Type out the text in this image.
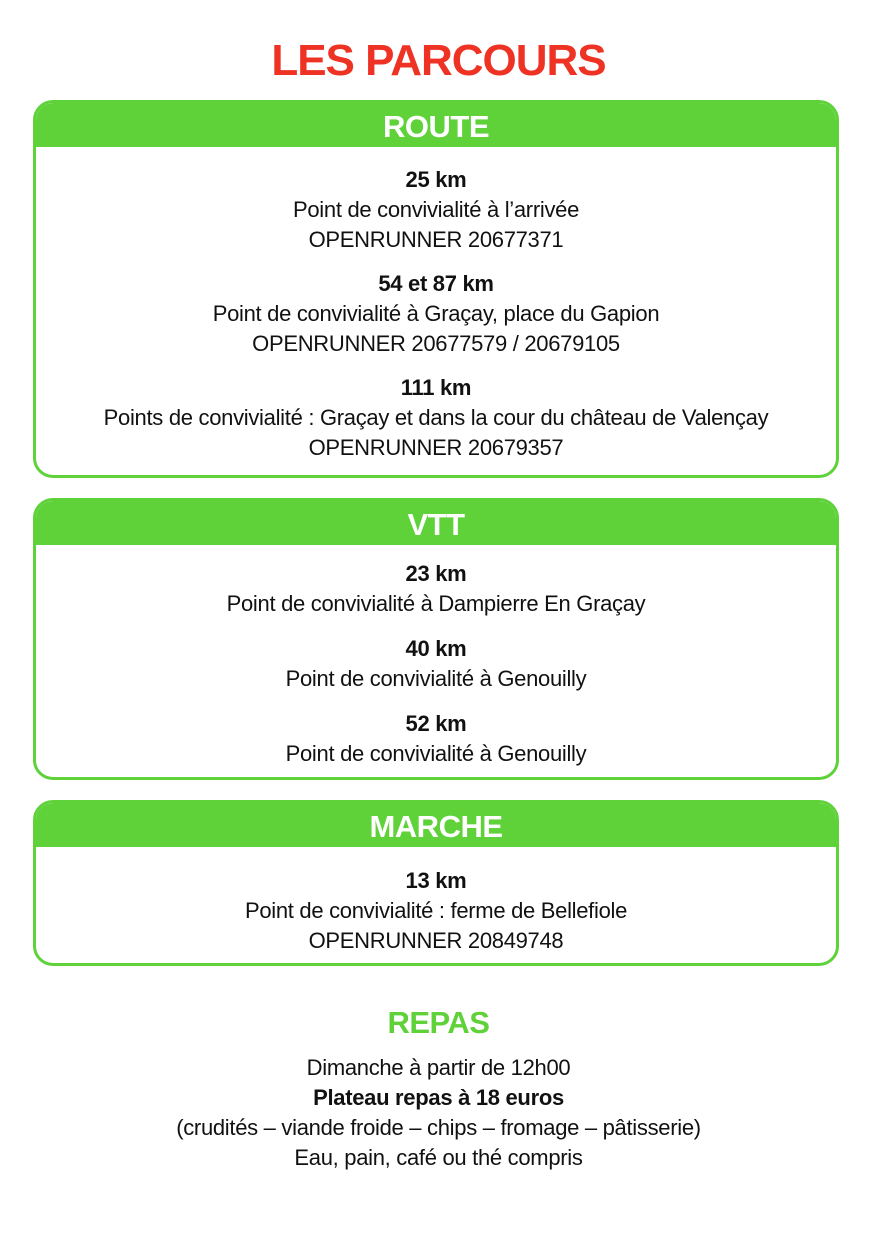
LES PARCOURS
ROUTE
25 km
Point de convivialité à l’arrivée
OPENRUNNER 20677371
54 et 87 km
Point de convivialité à Graçay, place du Gapion
OPENRUNNER 20677579 / 20679105
111 km
Points de convivialité : Graçay et dans la cour du château de Valençay
OPENRUNNER 20679357
VTT
23 km
Point de convivialité à Dampierre En Graçay
40 km
Point de convivialité à Genouilly
52 km
Point de convivialité à Genouilly
MARCHE
13 km
Point de convivialité : ferme de Bellefiole
OPENRUNNER 20849748
REPAS
Dimanche à partir de 12h00
Plateau repas à 18 euros
(crudités – viande froide – chips – fromage – pâtisserie)
Eau, pain, café ou thé compris
